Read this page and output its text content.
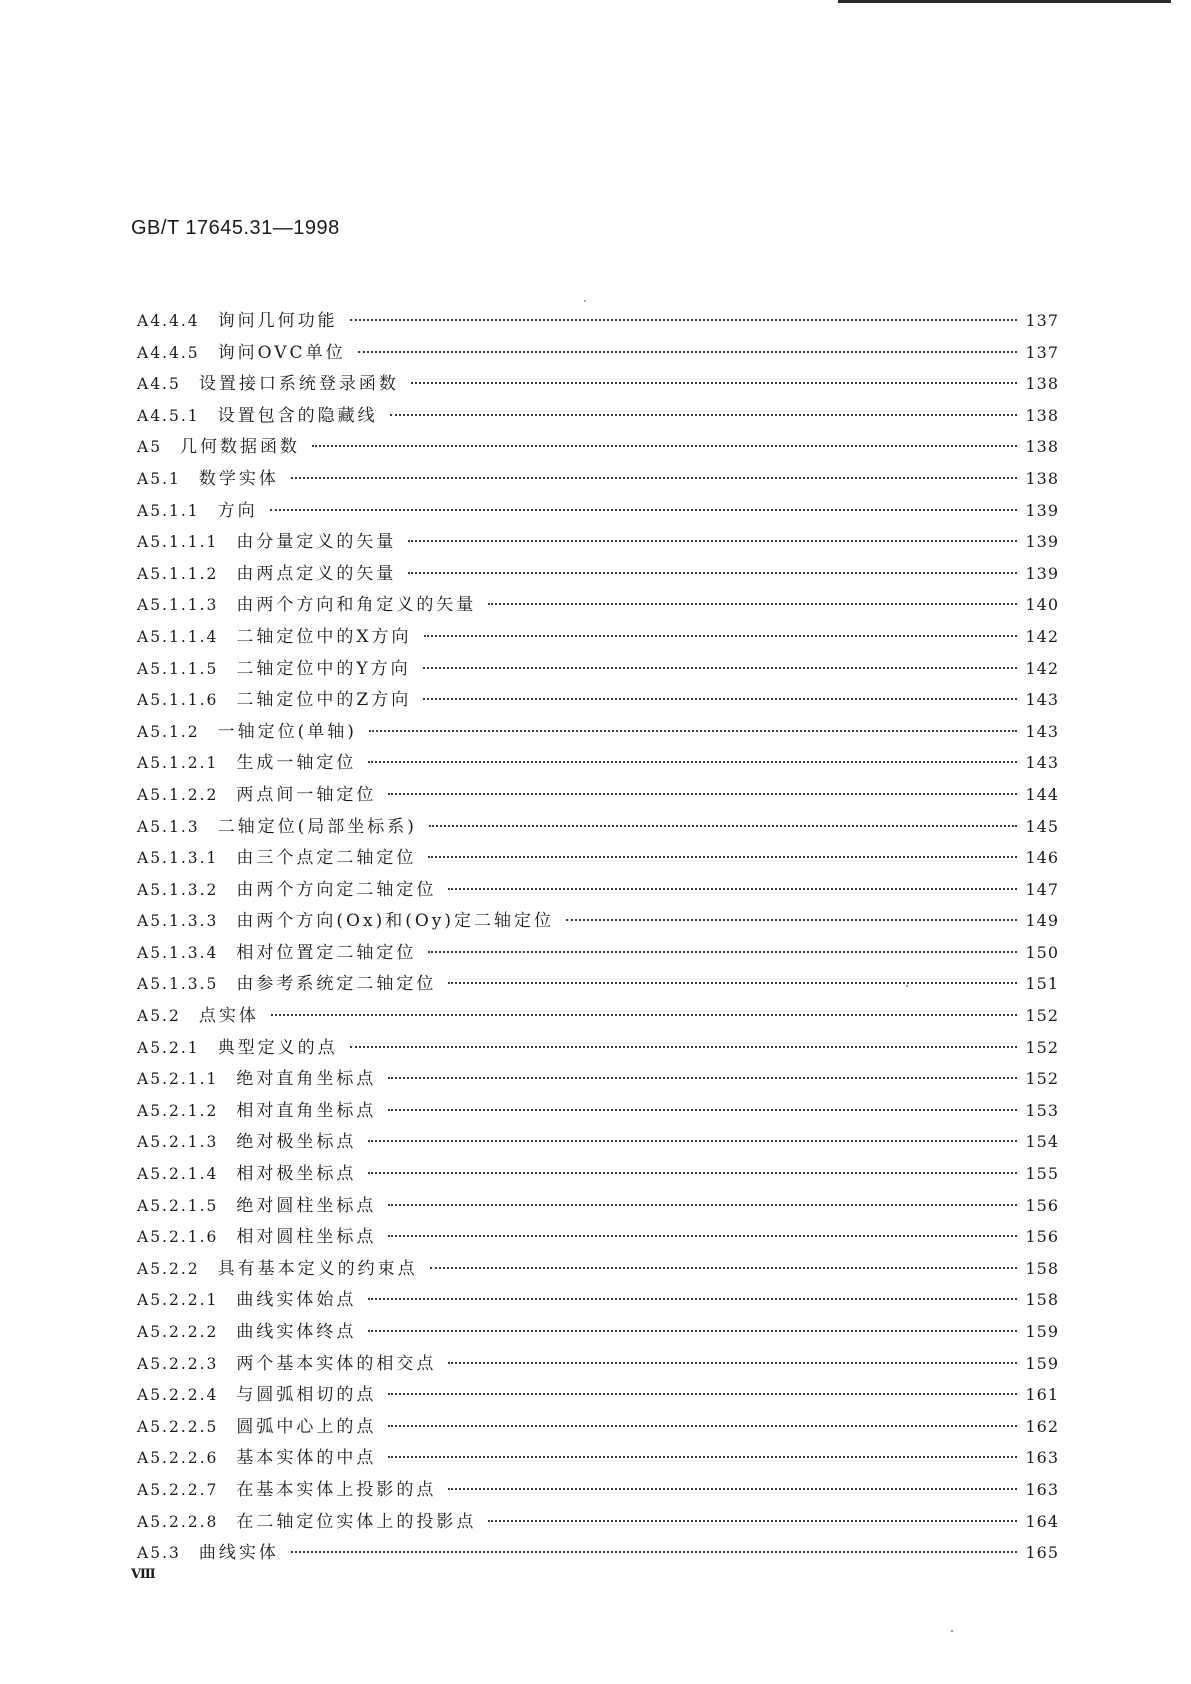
GB/T 17645.31—1998
A4.4.4 询问几何功能	137
A4.4.5 询问OVC单位	137
A4.5 设置接口系统登录函数	138
A4.5.1 设置包含的隐藏线	138
A5 几何数据函数	138
A5.1 数学实体	138
A5.1.1 方向	139
A5.1.1.1 由分量定义的矢量	139
A5.1.1.2 由两点定义的矢量	139
A5.1.1.3 由两个方向和角定义的矢量	140
A5.1.1.4 二轴定位中的X方向	142
A5.1.1.5 二轴定位中的Y方向	142
A5.1.1.6 二轴定位中的Z方向	143
A5.1.2 一轴定位(单轴)	143
A5.1.2.1 生成一轴定位	143
A5.1.2.2 两点间一轴定位	144
A5.1.3 二轴定位(局部坐标系)	145
A5.1.3.1 由三个点定二轴定位	146
A5.1.3.2 由两个方向定二轴定位	147
A5.1.3.3 由两个方向(Ox)和(Oy)定二轴定位	149
A5.1.3.4 相对位置定二轴定位	150
A5.1.3.5 由参考系统定二轴定位	151
A5.2 点实体	152
A5.2.1 典型定义的点	152
A5.2.1.1 绝对直角坐标点	152
A5.2.1.2 相对直角坐标点	153
A5.2.1.3 绝对极坐标点	154
A5.2.1.4 相对极坐标点	155
A5.2.1.5 绝对圆柱坐标点	156
A5.2.1.6 相对圆柱坐标点	156
A5.2.2 具有基本定义的约束点	158
A5.2.2.1 曲线实体始点	158
A5.2.2.2 曲线实体终点	159
A5.2.2.3 两个基本实体的相交点	159
A5.2.2.4 与圆弧相切的点	161
A5.2.2.5 圆弧中心上的点	162
A5.2.2.6 基本实体的中点	163
A5.2.2.7 在基本实体上投影的点	163
A5.2.2.8 在二轴定位实体上的投影点	164
A5.3 曲线实体	165
Ⅷ
